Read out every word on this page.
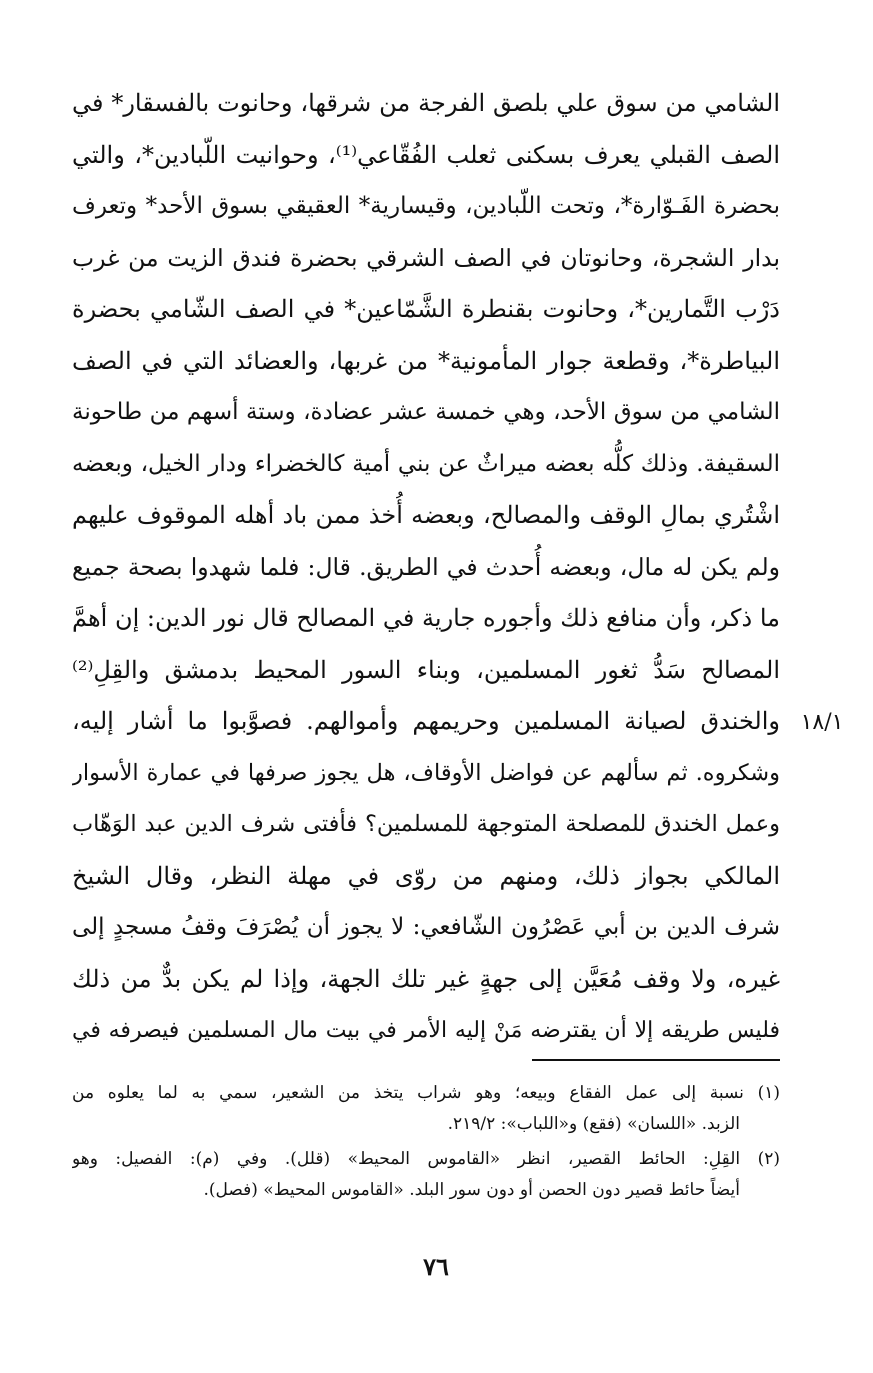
الشامي من سوق علي بلصق الفرجة من شرقها، وحانوت بالفسقار* في
الصف القبلي يعرف بسكنى ثعلب الفُقّاعي⁽¹⁾، وحوانيت اللّبادين*، والتي
بحضرة الفَـوّارة*، وتحت اللّبادين، وقيسارية* العقيقي بسوق الأحد* وتعرف
بدار الشجرة، وحانوتان في الصف الشرقي بحضرة فندق الزيت من غرب
دَرْب التَّمارين*، وحانوت بقنطرة الشَّمّاعين* في الصف الشّامي بحضرة
البياطرة*، وقطعة جوار المأمونية* من غربها، والعضائد التي في الصف
الشامي من سوق الأحد، وهي خمسة عشر عضادة، وستة أسهم من طاحونة
السقيفة. وذلك كلُّه بعضه ميراثٌ عن بني أمية كالخضراء ودار الخيل، وبعضه
اشْتُري بمالِ الوقف والمصالح، وبعضه أُخذ ممن باد أهله الموقوف عليهم
ولم يكن له مال، وبعضه أُحدث في الطريق. قال: فلما شهدوا بصحة جميع
ما ذكر، وأن منافع ذلك وأجوره جارية في المصالح قال نور الدين: إن أهمَّ
المصالح سَدُّ ثغور المسلمين، وبناء السور المحيط بدمشق والقِلِ⁽²⁾
والخندق لصيانة المسلمين وحريمهم وأموالهم. فصوَّبوا ما أشار إليه،
وشكروه. ثم سألهم عن فواضل الأوقاف، هل يجوز صرفها في عمارة الأسوار
وعمل الخندق للمصلحة المتوجهة للمسلمين؟ فأفتى شرف الدين عبد الوَهّاب
المالكي بجواز ذلك، ومنهم من روّى في مهلة النظر، وقال الشيخ
شرف الدين بن أبي عَصْرُون الشّافعي: لا يجوز أن يُصْرَفَ وقفُ مسجدٍ إلى
غيره، ولا وقف مُعَيَّن إلى جهةٍ غير تلك الجهة، وإذا لم يكن بدٌّ من ذلك
فليس طريقه إلا أن يقترضه مَنْ إليه الأمر في بيت مال المسلمين فيصرفه في
١٨/١
(١) نسبة إلى عمل الفقاع وبيعه؛ وهو شراب يتخذ من الشعير، سمي به لما يعلوه من
الزبد. «اللسان» (فقع) و«اللباب»: ٢١٩/٢.
(٢) القِلِ: الحائط القصير، انظر «القاموس المحيط» (قلل). وفي (م): الفصيل: وهو
أيضاً حائط قصير دون الحصن أو دون سور البلد. «القاموس المحيط» (فصل).
٧٦
